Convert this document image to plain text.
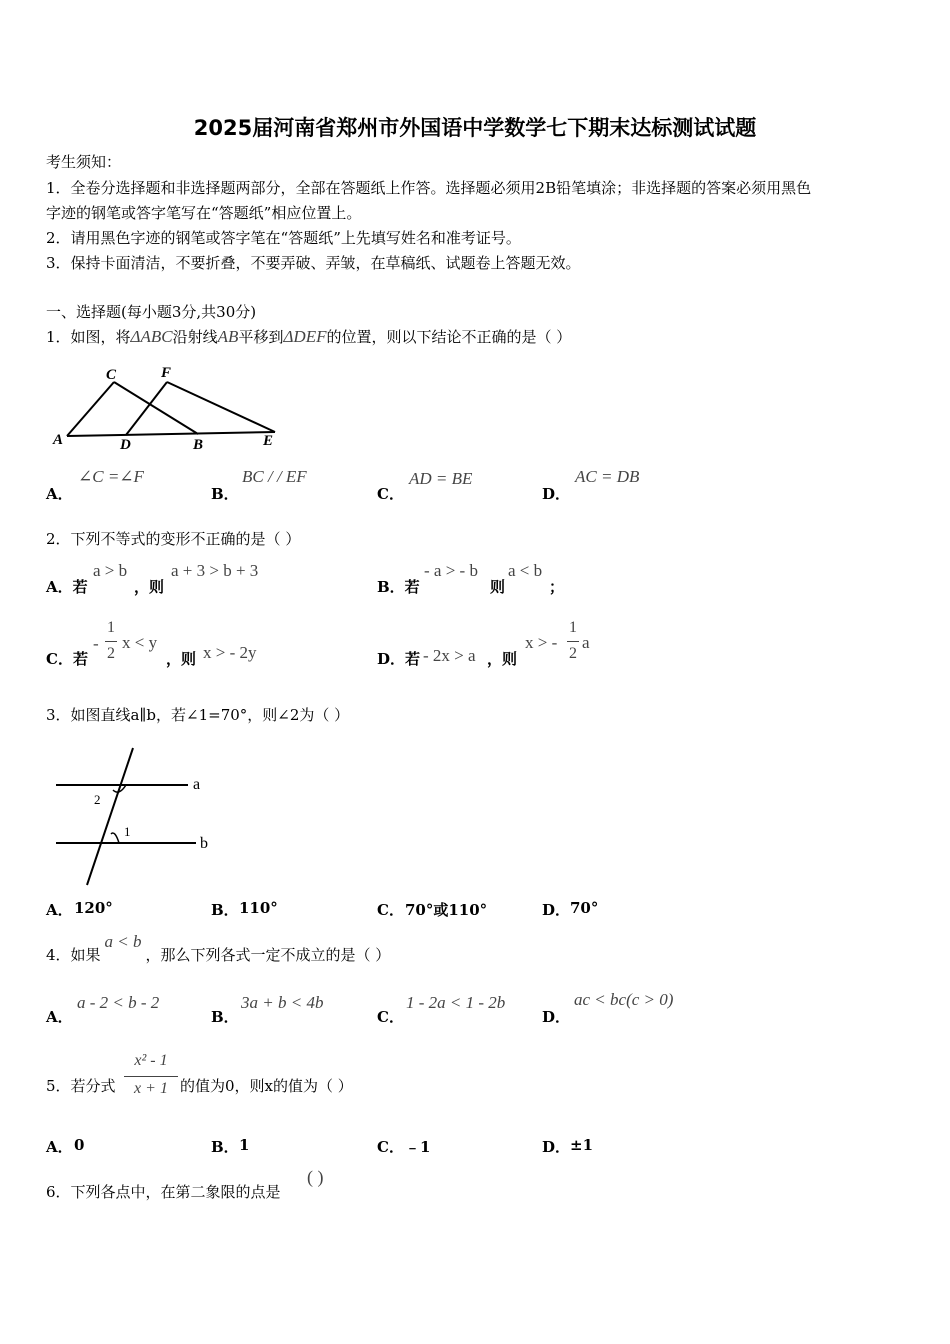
2025届河南省郑州市外国语中学数学七下期末达标测试试题
考生须知：
1．全卷分选择题和非选择题两部分，全部在答题纸上作答。选择题必须用2B铅笔填涂；非选择题的答案必须用黑色
字迹的钢笔或答字笔写在“答题纸”相应位置上。
2．请用黑色字迹的钢笔或答字笔在“答题纸”上先填写姓名和准考证号。
3．保持卡面清洁，不要折叠，不要弄破、弄皱，在草稿纸、试题卷上答题无效。
一、选择题(每小题3分,共30分)
1．如图，将ΔABC沿射线AB平移到ΔDEF的位置，则以下结论不正确的是（ ）
C	F
A	D	B	E
A．
∠C =∠F
B．
BC / / EF
C．
AD = BE
D．
AC = DB
2．下列不等式的变形不正确的是（ ）
A．若
a > b
，则
a + 3 > b + 3
B．若
- a > - b
则
a < b
；
C．若
-
1
2
x < y
，则 x > - 2y	D．若 - 2x > a ，则
x > -
1
2
a
3．如图直线a∥b，若∠1=70°，则∠2为（ ）
a
b
2
1
A． 120°	B． 110°	C． 70°或110°	D． 70°
4．如果a < b，那么下列各式一定不成立的是（ ）
A．
a - 2 < b - 2
B．
3a + b < 4b
C．
1 - 2a < 1 - 2b
D．
ac < bc(c > 0)
5．若分式
x² - 1
x + 1 的值为0，则x的值为（ ）
A． 0	B． 1	C． ﹣1	D． ±1
6．下列各点中，在第二象限的点是
( )
